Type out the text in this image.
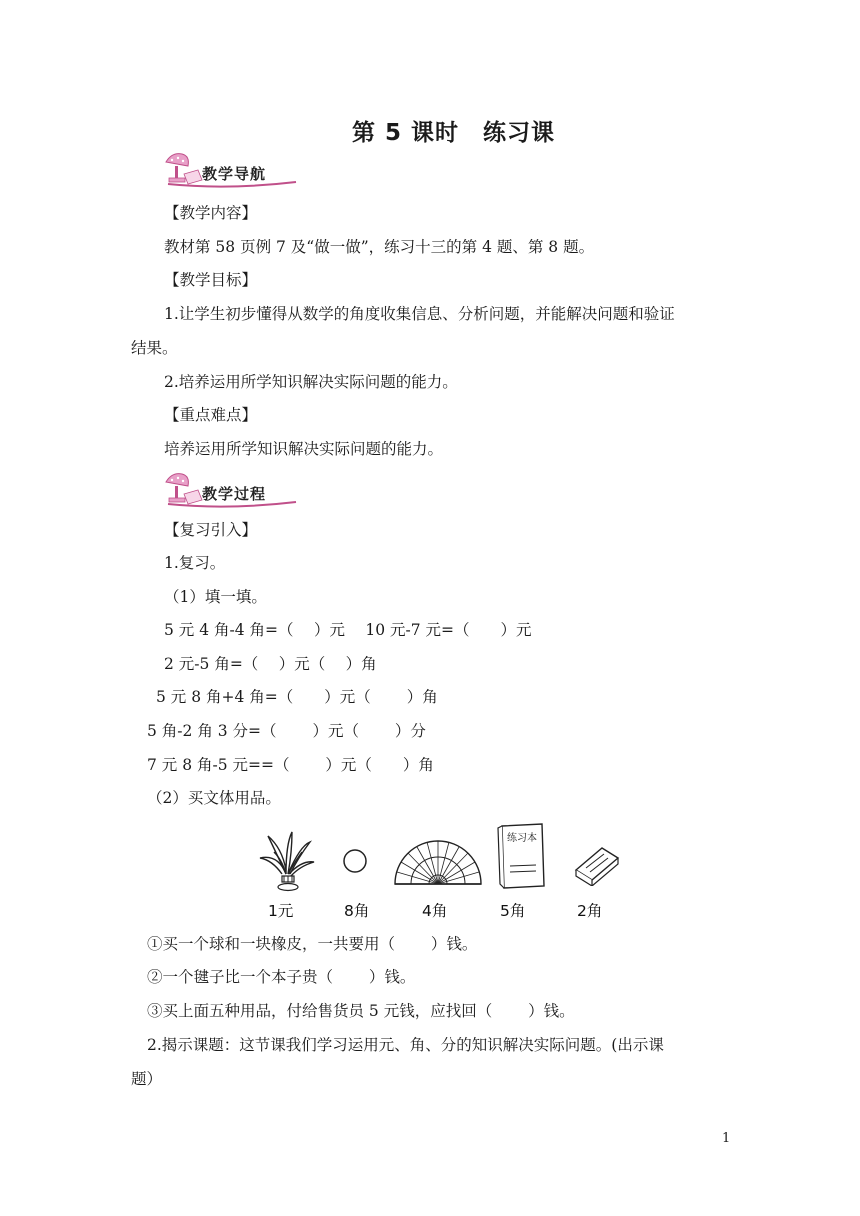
第 5 课时　练习课
教学导航
【教学内容】
教材第 58 页例 7 及“做一做”，练习十三的第 4 题、第 8 题。
【教学目标】
1.让学生初步懂得从数学的角度收集信息、分析问题，并能解决问题和验证
结果。
2.培养运用所学知识解决实际问题的能力。
【重点难点】
培养运用所学知识解决实际问题的能力。
教学过程
【复习引入】
1.复习。
（1）填一填。
5 元 4 角-4 角=（　 ）元　 10 元-7 元=（　　）元
2 元-5 角=（　 ）元（　 ）角
5 元 8 角+4 角=（　　）元（　　 ）角
5 角-2 角 3 分=（　　 ）元（　　 ）分
7 元 8 角-5 元==（　　 ）元（　　）角
（2）买文体用品。
练习本
1元	8角	4角	5角	2角
①买一个球和一块橡皮，一共要用（　　 ）钱。
②一个毽子比一个本子贵（　　 ）钱。
③买上面五种用品，付给售货员 5 元钱，应找回（　　 ）钱。
2.揭示课题：这节课我们学习运用元、角、分的知识解决实际问题。(出示课
题）
1
